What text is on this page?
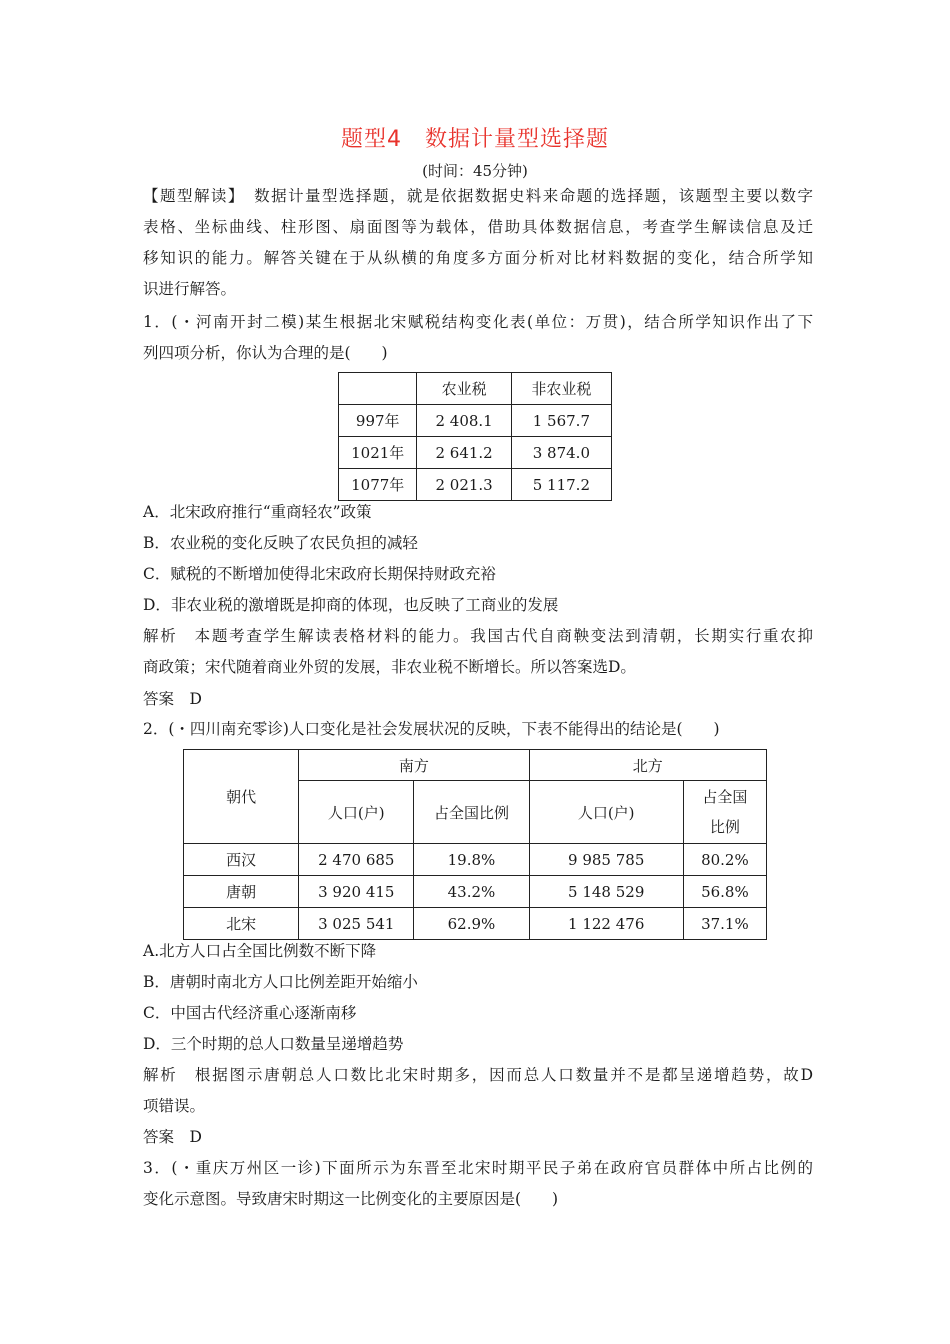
题型4　数据计量型选择题
(时间：45分钟)
【题型解读】　数据计量型选择题，就是依据数据史料来命题的选择题，该题型主要以数字
表格、坐标曲线、柱形图、扇面图等为载体，借助具体数据信息，考查学生解读信息及迁
移知识的能力。解答关键在于从纵横的角度多方面分析对比材料数据的变化，结合所学知
识进行解答。
1．(・河南开封二模)某生根据北宋赋税结构变化表(单位：万贯)，结合所学知识作出了下
列四项分析，你认为合理的是(　　)
	农业税	非农业税
997年	2 408.1	1 567.7
1021年	2 641.2	3 874.0
1077年	2 021.3	5 117.2
A．北宋政府推行“重商轻农”政策
B．农业税的变化反映了农民负担的减轻
C．赋税的不断增加使得北宋政府长期保持财政充裕
D．非农业税的激增既是抑商的体现，也反映了工商业的发展
解析　本题考查学生解读表格材料的能力。我国古代自商鞅变法到清朝，长期实行重农抑
商政策；宋代随着商业外贸的发展，非农业税不断增长。所以答案选D。
答案　D
2．(・四川南充零诊)人口变化是社会发展状况的反映，下表不能得出的结论是(　　)
朝代	南方		北方	
	人口(户)	占全国比例	人口(户)	占全国
比例

西汉	2 470 685	19.8%	9 985 785	80.2%
唐朝	3 920 415	43.2%	5 148 529	56.8%
北宋	3 025 541	62.9%	1 122 476	37.1%
A.北方人口占全国比例数不断下降
B．唐朝时南北方人口比例差距开始缩小
C．中国古代经济重心逐渐南移
D．三个时期的总人口数量呈递增趋势
解析　根据图示唐朝总人口数比北宋时期多，因而总人口数量并不是都呈递增趋势，故D
项错误。
答案　D
3．(・重庆万州区一诊)下面所示为东晋至北宋时期平民子弟在政府官员群体中所占比例的
变化示意图。导致唐宋时期这一比例变化的主要原因是(　　)
